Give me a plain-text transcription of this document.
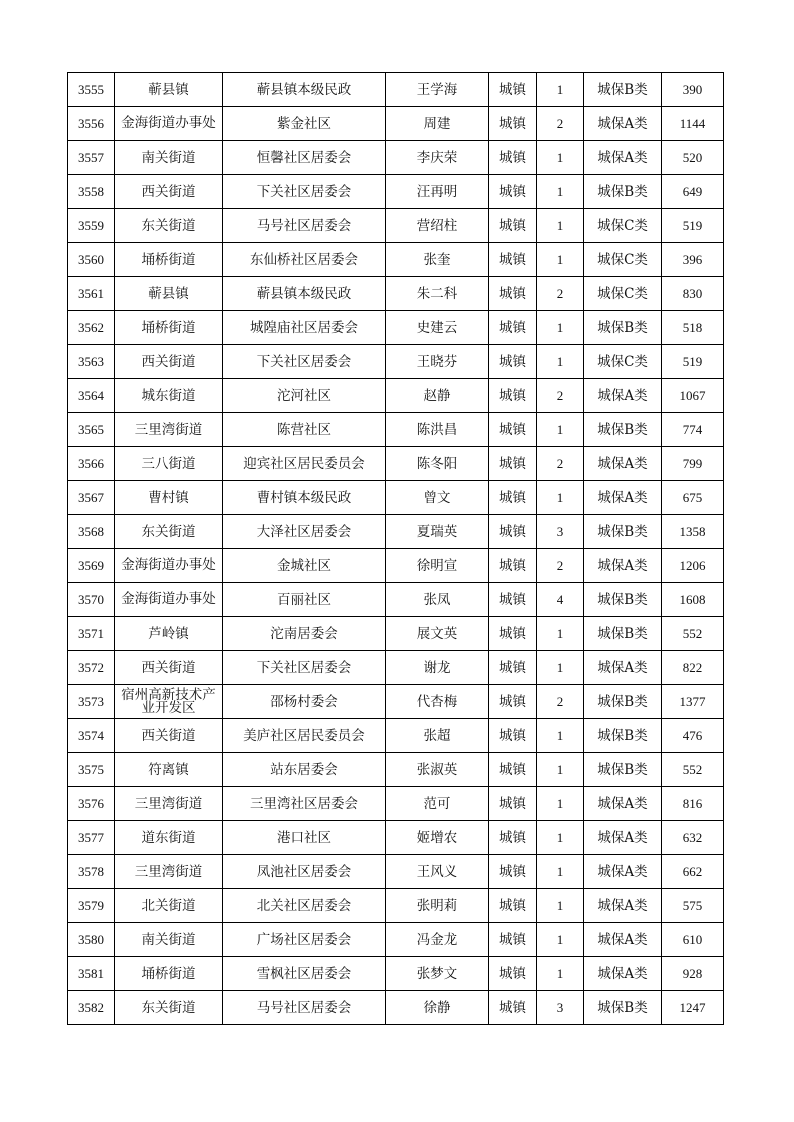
3555	蕲县镇	蕲县镇本级民政	王学海	城镇	1	城保B类	390
3556	金海街道办事处	紫金社区	周建	城镇	2	城保A类	1144
3557	南关街道	恒馨社区居委会	李庆荣	城镇	1	城保A类	520
3558	西关街道	下关社区居委会	汪再明	城镇	1	城保B类	649
3559	东关街道	马号社区居委会	营绍柱	城镇	1	城保C类	519
3560	埇桥街道	东仙桥社区居委会	张奎	城镇	1	城保C类	396
3561	蕲县镇	蕲县镇本级民政	朱二科	城镇	2	城保C类	830
3562	埇桥街道	城隍庙社区居委会	史建云	城镇	1	城保B类	518
3563	西关街道	下关社区居委会	王晓芬	城镇	1	城保C类	519
3564	城东街道	沱河社区	赵静	城镇	2	城保A类	1067
3565	三里湾街道	陈营社区	陈洪昌	城镇	1	城保B类	774
3566	三八街道	迎宾社区居民委员会	陈冬阳	城镇	2	城保A类	799
3567	曹村镇	曹村镇本级民政	曾文	城镇	1	城保A类	675
3568	东关街道	大泽社区居委会	夏瑞英	城镇	3	城保B类	1358
3569	金海街道办事处	金城社区	徐明宣	城镇	2	城保A类	1206
3570	金海街道办事处	百丽社区	张凤	城镇	4	城保B类	1608
3571	芦岭镇	沱南居委会	展文英	城镇	1	城保B类	552
3572	西关街道	下关社区居委会	谢龙	城镇	1	城保A类	822
3573	宿州高新技术产业开发区	邵杨村委会	代杏梅	城镇	2	城保B类	1377
3574	西关街道	美庐社区居民委员会	张超	城镇	1	城保B类	476
3575	符离镇	站东居委会	张淑英	城镇	1	城保B类	552
3576	三里湾街道	三里湾社区居委会	范可	城镇	1	城保A类	816
3577	道东街道	港口社区	姬增农	城镇	1	城保A类	632
3578	三里湾街道	凤池社区居委会	王风义	城镇	1	城保A类	662
3579	北关街道	北关社区居委会	张明莉	城镇	1	城保A类	575
3580	南关街道	广场社区居委会	冯金龙	城镇	1	城保A类	610
3581	埇桥街道	雪枫社区居委会	张梦文	城镇	1	城保A类	928
3582	东关街道	马号社区居委会	徐静	城镇	3	城保B类	1247
